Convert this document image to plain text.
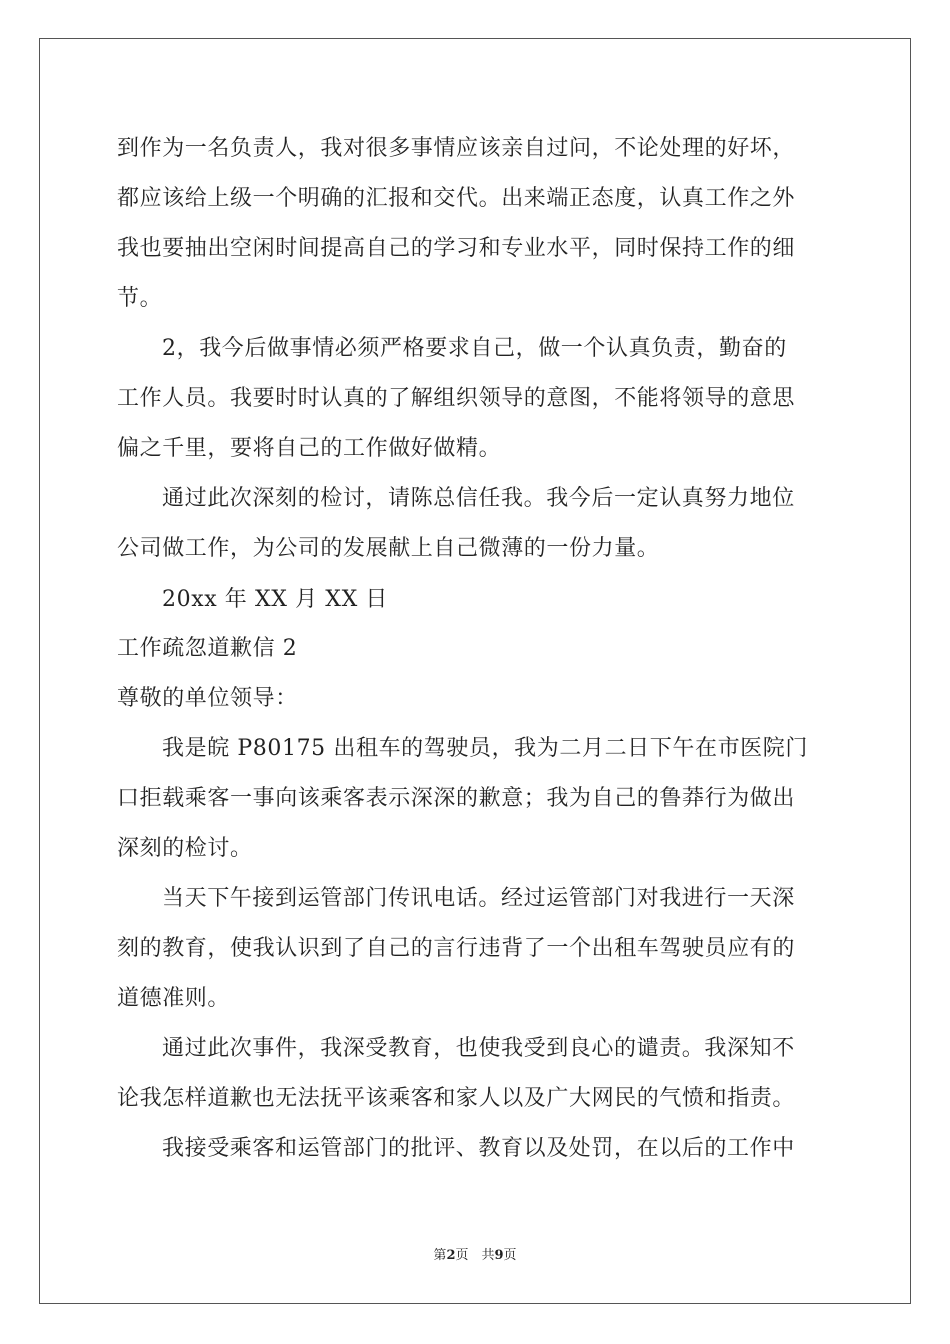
到作为一名负责人，我对很多事情应该亲自过问，不论处理的好坏，
都应该给上级一个明确的汇报和交代。出来端正态度，认真工作之外
我也要抽出空闲时间提高自己的学习和专业水平，同时保持工作的细
节。
2，我今后做事情必须严格要求自己，做一个认真负责，勤奋的
工作人员。我要时时认真的了解组织领导的意图，不能将领导的意思
偏之千里，要将自己的工作做好做精。
通过此次深刻的检讨，请陈总信任我。我今后一定认真努力地位
公司做工作，为公司的发展献上自己微薄的一份力量。
20xx 年 XX 月 XX 日
工作疏忽道歉信 2
尊敬的单位领导：
我是皖 P80175 出租车的驾驶员，我为二月二日下午在市医院门
口拒载乘客一事向该乘客表示深深的歉意；我为自己的鲁莽行为做出
深刻的检讨。
当天下午接到运管部门传讯电话。经过运管部门对我进行一天深
刻的教育，使我认识到了自己的言行违背了一个出租车驾驶员应有的
道德准则。
通过此次事件，我深受教育，也使我受到良心的谴责。我深知不
论我怎样道歉也无法抚平该乘客和家人以及广大网民的气愤和指责。
我接受乘客和运管部门的批评、教育以及处罚，在以后的工作中
第2页　共9页
